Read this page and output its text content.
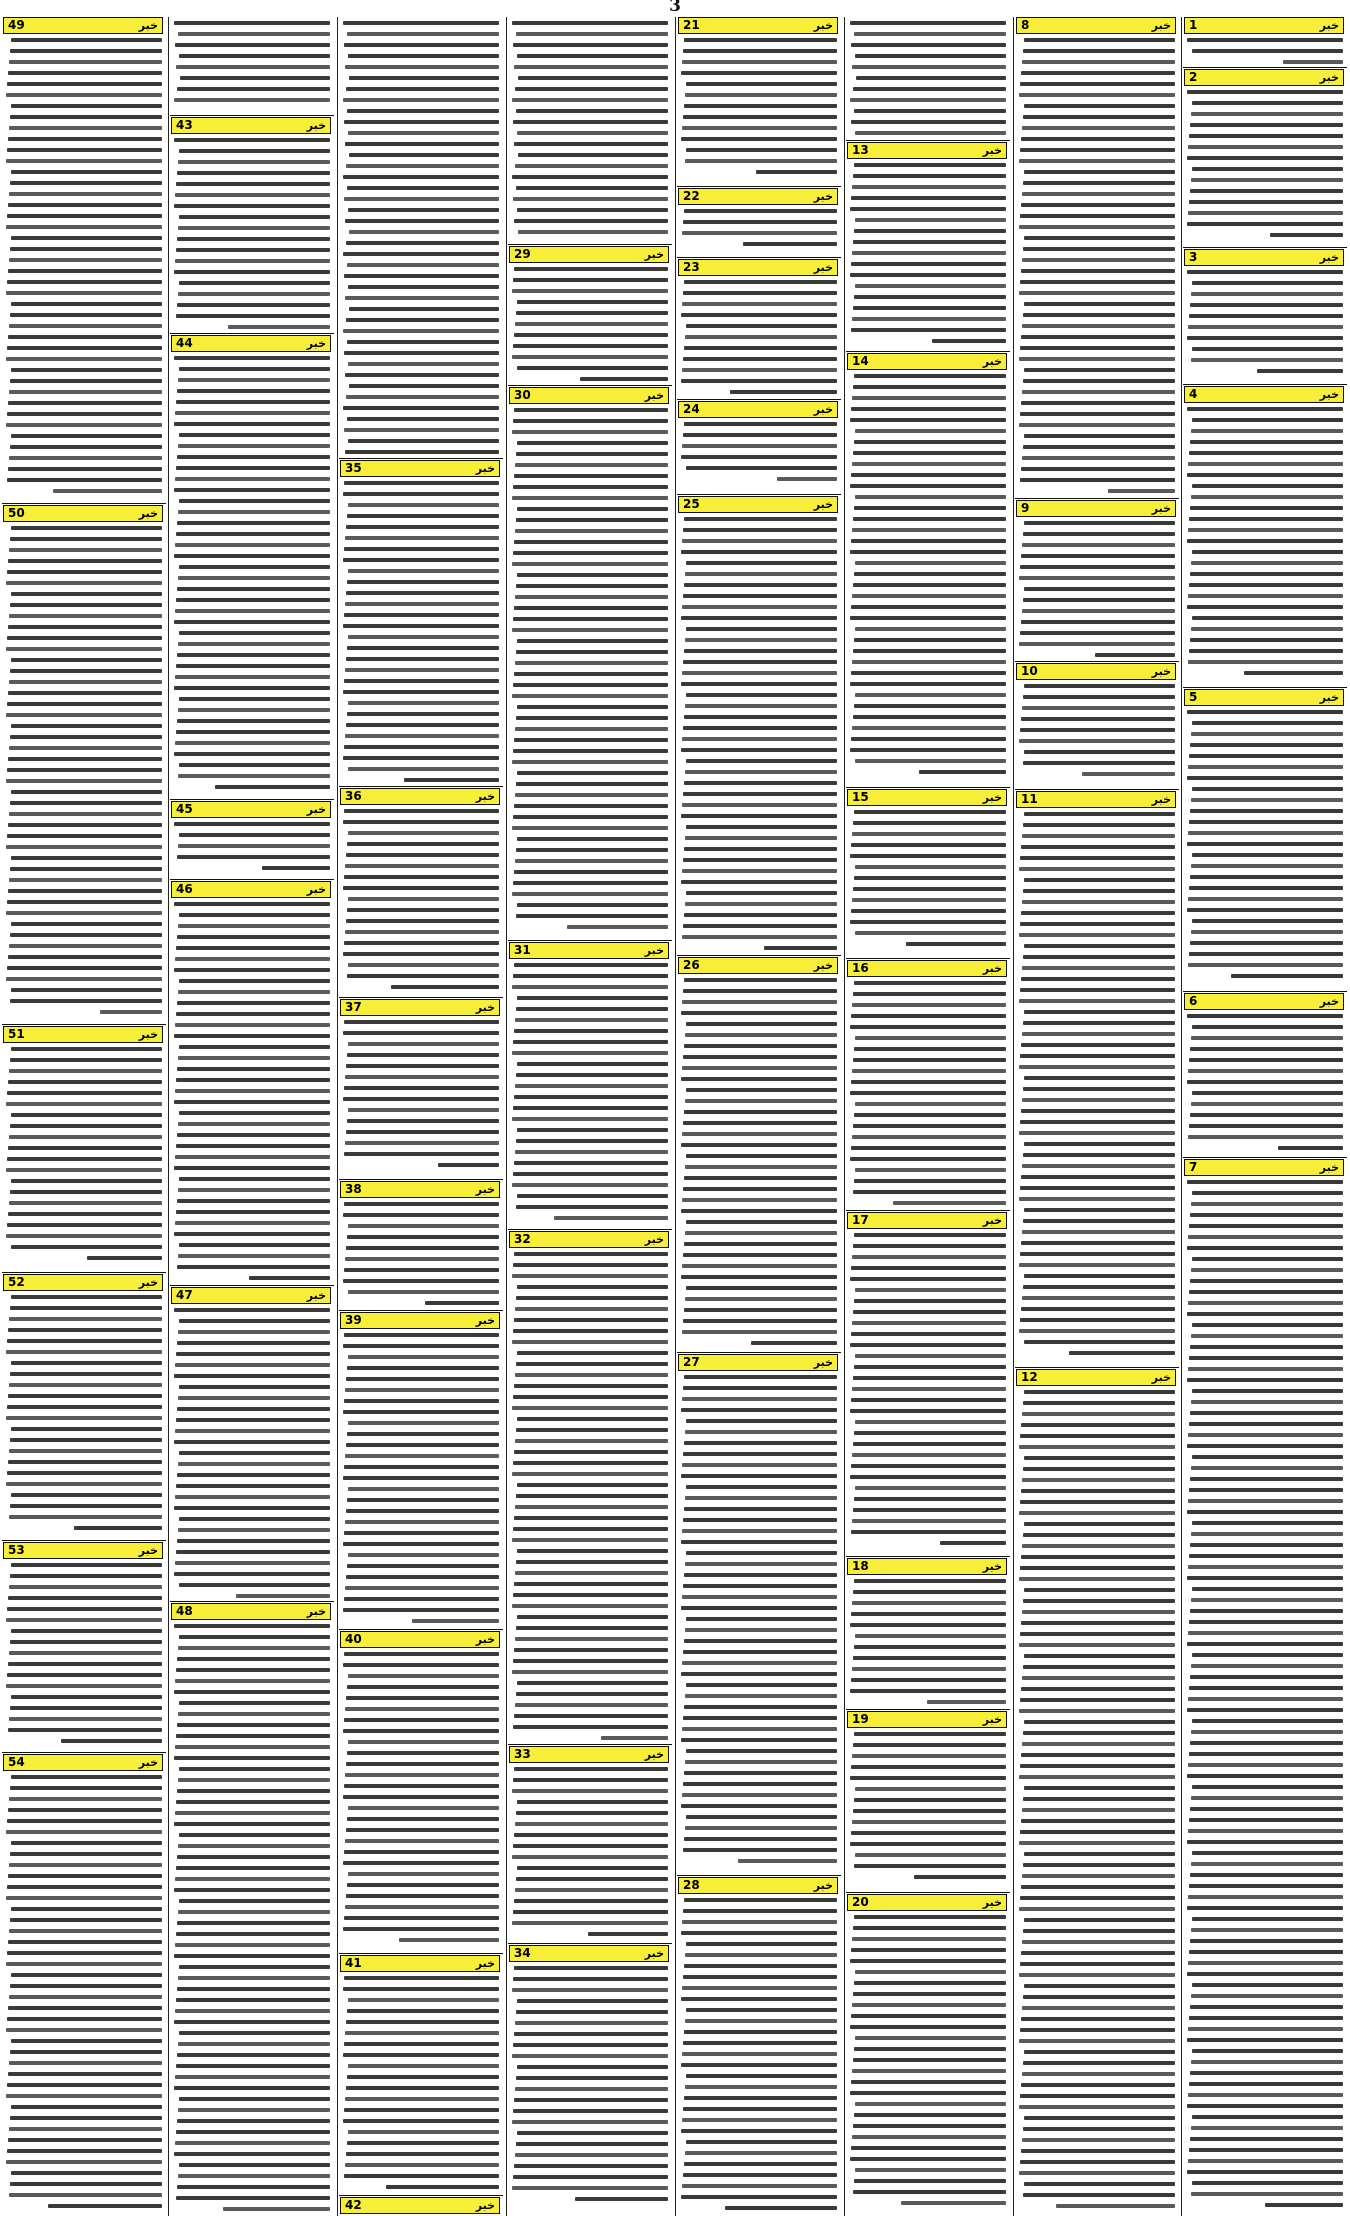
3
1	خبر
2	خبر
3	خبر
4	خبر
5	خبر
6	خبر
7	خبر
8	خبر
9	خبر
10	خبر
11	خبر
12	خبر
13	خبر
14	خبر
15	خبر
16	خبر
17	خبر
18	خبر
19	خبر
20	خبر
21	خبر
22	خبر
23	خبر
24	خبر
25	خبر
26	خبر
27	خبر
28	خبر
29	خبر
30	خبر
31	خبر
32	خبر
33	خبر
34	خبر
35	خبر
36	خبر
37	خبر
38	خبر
39	خبر
40	خبر
41	خبر
42	خبر
43	خبر
44	خبر
45	خبر
46	خبر
47	خبر
48	خبر
49	خبر
50	خبر
51	خبر
52	خبر
53	خبر
54	خبر
